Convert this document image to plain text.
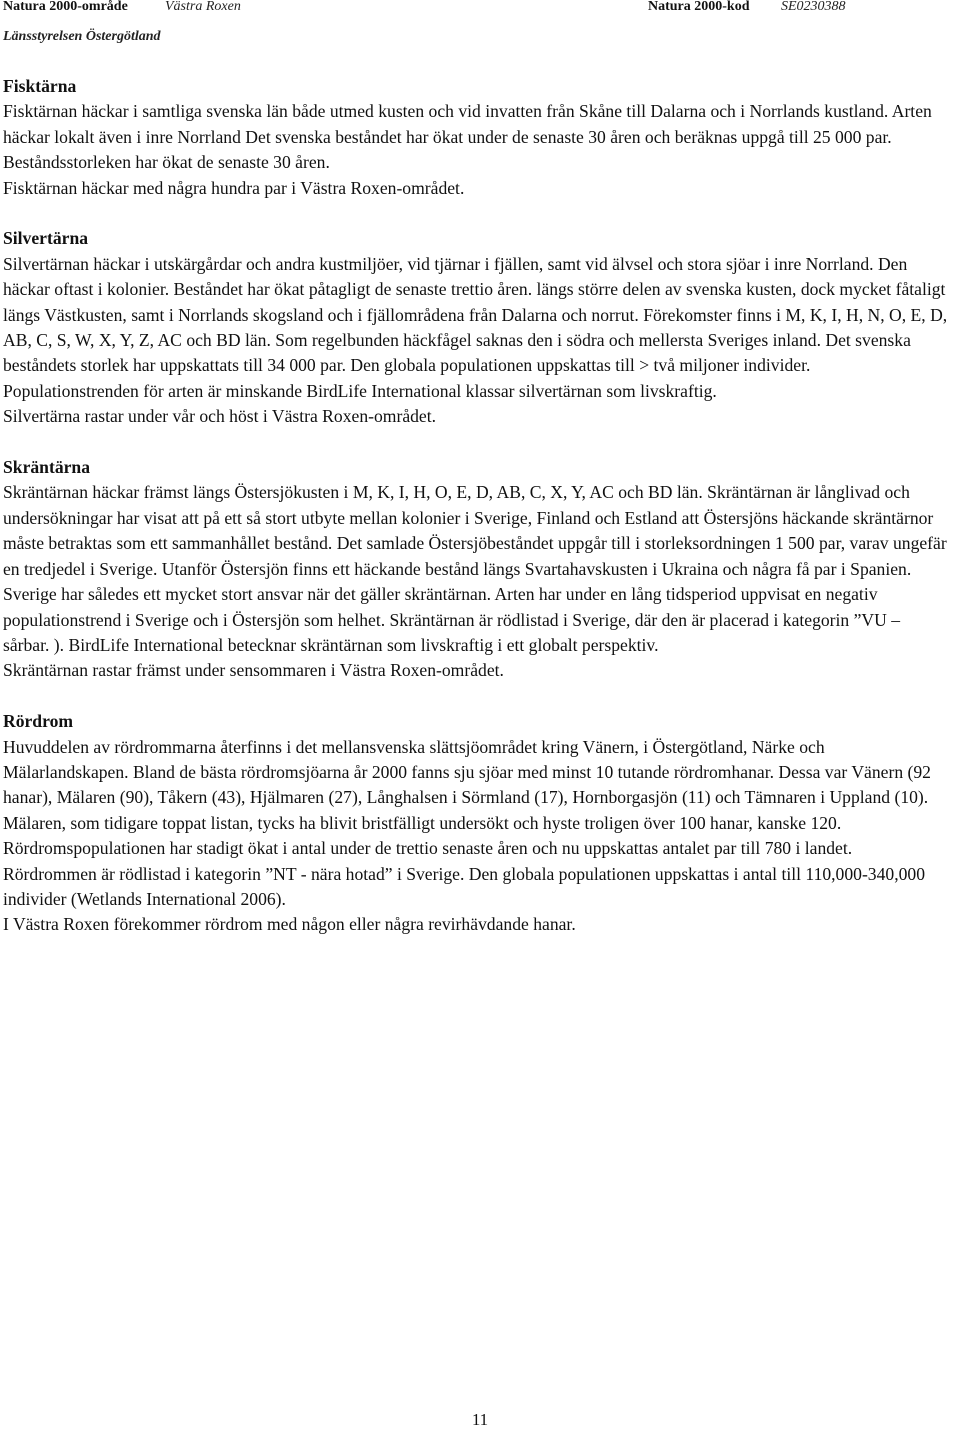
Natura 2000-område	Västra Roxen	Natura 2000-kod SE0230388
Länsstyrelsen Östergötland
Fisktärna

Fisktärnan häckar i samtliga svenska län både utmed kusten och vid invatten från Skåne till Dalarna och i Norrlands kustland. Arten häckar lokalt även i inre Norrland Det svenska beståndet har ökat under de senaste 30 åren och beräknas uppgå till 25 000 par. Beståndsstorleken har ökat de senaste 30 åren.

Fisktärnan häckar med några hundra par i Västra Roxen-området.

Silvertärna

Silvertärnan häckar i utskärgårdar och andra kustmiljöer, vid tjärnar i fjällen, samt vid älvsel och stora sjöar i inre Norrland. Den häckar oftast i kolonier. Beståndet har ökat påtagligt de senaste trettio åren. längs större delen av svenska kusten, dock mycket fåtaligt längs Västkusten, samt i Norrlands skogsland och i fjällområdena från Dalarna och norrut. Förekomster finns i M, K, I, H, N, O, E, D, AB, C, S, W, X, Y, Z, AC och BD län. Som regelbunden häckfågel saknas den i södra och mellersta Sveriges inland. Det svenska beståndets storlek har uppskattats till 34 000 par. Den globala populationen uppskattas till > två miljoner individer. Populationstrenden för arten är minskande BirdLife International klassar silvertärnan som livskraftig.

Silvertärna rastar under vår och höst i Västra Roxen-området.

Skräntärna

Skräntärnan häckar främst längs Östersjökusten i M, K, I, H, O, E, D, AB, C, X, Y, AC och BD län. Skräntärnan är långlivad och undersökningar har visat att på ett så stort utbyte mellan kolonier i Sverige, Finland och Estland att Östersjöns häckande skräntärnor måste betraktas som ett sammanhållet bestånd. Det samlade Östersjöbeståndet uppgår till i storleksordningen 1 500 par, varav ungefär en tredjedel i Sverige. Utanför Östersjön finns ett häckande bestånd längs Svartahavskusten i Ukraina och några få par i Spanien. Sverige har således ett mycket stort ansvar när det gäller skräntärnan. Arten har under en lång tidsperiod uppvisat en negativ populationstrend i Sverige och i Östersjön som helhet. Skräntärnan är rödlistad i Sverige, där den är placerad i kategorin ”VU – sårbar. ). BirdLife International betecknar skräntärnan som livskraftig i ett globalt perspektiv.

Skräntärnan rastar främst under sensommaren i Västra Roxen-området.

Rördrom

Huvuddelen av rördrommarna återfinns i det mellansvenska slättsjöområdet kring Vänern, i Östergötland, Närke och Mälarlandskapen. Bland de bästa rördromsjöarna år 2000 fanns sju sjöar med minst 10 tutande rördromhanar. Dessa var Vänern (92 hanar), Mälaren (90), Tåkern (43), Hjälmaren (27), Långhalsen i Sörmland (17), Hornborgasjön (11) och Tämnaren i Uppland (10). Mälaren, som tidigare toppat listan, tycks ha blivit bristfälligt undersökt och hyste troligen över 100 hanar, kanske 120. Rördromspopulationen har stadigt ökat i antal under de trettio senaste åren och nu uppskattas antalet par till 780 i landet. Rördrommen är rödlistad i kategorin ”NT - nära hotad” i Sverige. Den globala populationen uppskattas i antal till 110,000-340,000 individer (Wetlands International 2006).

I Västra Roxen förekommer rördrom med någon eller några revirhävdande hanar.

11
